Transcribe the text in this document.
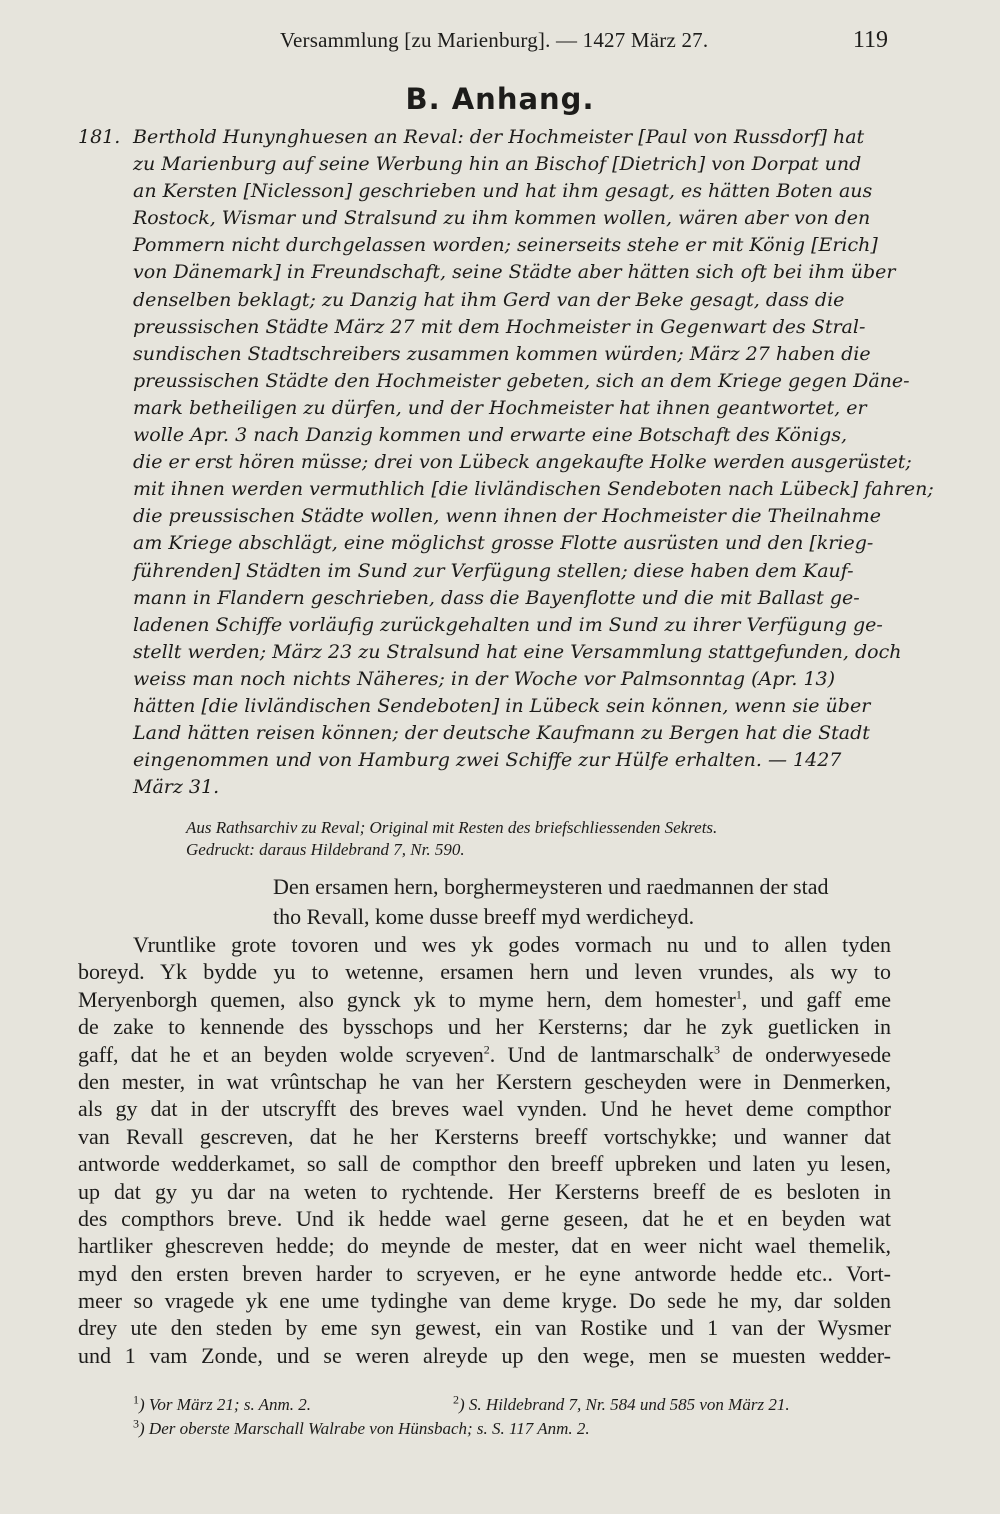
Versammlung [zu Marienburg]. — 1427 März 27.	119
B. Anhang.
181. Berthold Hunynghuesen an Reval: der Hochmeister [Paul von Russdorf] hat
zu Marienburg auf seine Werbung hin an Bischof [Dietrich] von Dorpat und
an Kersten [Niclesson] geschrieben und hat ihm gesagt, es hätten Boten aus
Rostock, Wismar und Stralsund zu ihm kommen wollen, wären aber von den
Pommern nicht durchgelassen worden; seinerseits stehe er mit König [Erich]
von Dänemark] in Freundschaft, seine Städte aber hätten sich oft bei ihm über
denselben beklagt; zu Danzig hat ihm Gerd van der Beke gesagt, dass die
preussischen Städte März 27 mit dem Hochmeister in Gegenwart des Stral-
sundischen Stadtschreibers zusammen kommen würden; März 27 haben die
preussischen Städte den Hochmeister gebeten, sich an dem Kriege gegen Däne-
mark betheiligen zu dürfen, und der Hochmeister hat ihnen geantwortet, er
wolle Apr. 3 nach Danzig kommen und erwarte eine Botschaft des Königs,
die er erst hören müsse; drei von Lübeck angekaufte Holke werden ausgerüstet;
mit ihnen werden vermuthlich [die livländischen Sendeboten nach Lübeck] fahren;
die preussischen Städte wollen, wenn ihnen der Hochmeister die Theilnahme
am Kriege abschlägt, eine möglichst grosse Flotte ausrüsten und den [krieg-
führenden] Städten im Sund zur Verfügung stellen; diese haben dem Kauf-
mann in Flandern geschrieben, dass die Bayenflotte und die mit Ballast ge-
ladenen Schiffe vorläufig zurückgehalten und im Sund zu ihrer Verfügung ge-
stellt werden; März 23 zu Stralsund hat eine Versammlung stattgefunden, doch
weiss man noch nichts Näheres; in der Woche vor Palmsonntag (Apr. 13)
hätten [die livländischen Sendeboten] in Lübeck sein können, wenn sie über
Land hätten reisen können; der deutsche Kaufmann zu Bergen hat die Stadt
eingenommen und von Hamburg zwei Schiffe zur Hülfe erhalten. — 1427
März 31.
Aus Rathsarchiv zu Reval; Original mit Resten des briefschliessenden Sekrets.
Gedruckt: daraus Hildebrand 7, Nr. 590.
Den ersamen hern, borghermeysteren und raedmannen der stad
tho Revall, kome dusse breeff myd werdicheyd.
Vruntlike grote tovoren und wes yk godes vormach nu und to allen tyden
boreyd. Yk bydde yu to wetenne, ersamen hern und leven vrundes, als wy to
Meryenborgh quemen, also gynck yk to myme hern, dem homester$^1$, und gaff eme
de zake to kennende des bysschops und her Kersterns; dar he zyk guetlicken in
gaff, dat he et an beyden wolde scryeven$^2$. Und de lantmarschalk$^3$ de onderwyesede
den mester, in wat vrûntschap he van her Kerstern gescheyden were in Denmerken,
als gy dat in der utscryfft des breves wael vynden. Und he hevet deme compthor
van Revall gescreven, dat he her Kersterns breeff vortschykke; und wanner dat
antworde wedderkamet, so sall de compthor den breeff upbreken und laten yu lesen,
up dat gy yu dar na weten to rychtende. Her Kersterns breeff de es besloten in
des compthors breve. Und ik hedde wael gerne geseen, dat he et en beyden wat
hartliker ghescreven hedde; do meynde de mester, dat en weer nicht wael themelik,
myd den ersten breven harder to scryeven, er he eyne antworde hedde etc.. Vort-
meer so vragede yk ene ume tydinghe van deme kryge. Do sede he my, dar solden
drey ute den steden by eme syn gewest, ein van Rostike und 1 van der Wysmer
und 1 vam Zonde, und se weren alreyde up den wege, men se muesten wedder-
$^1$) Vor März 21; s. Anm. 2.	$^2$) S. Hildebrand 7, Nr. 584 und 585 von März 21.
$^3$) Der oberste Marschall Walrabe von Hünsbach; s. S. 117 Anm. 2.
